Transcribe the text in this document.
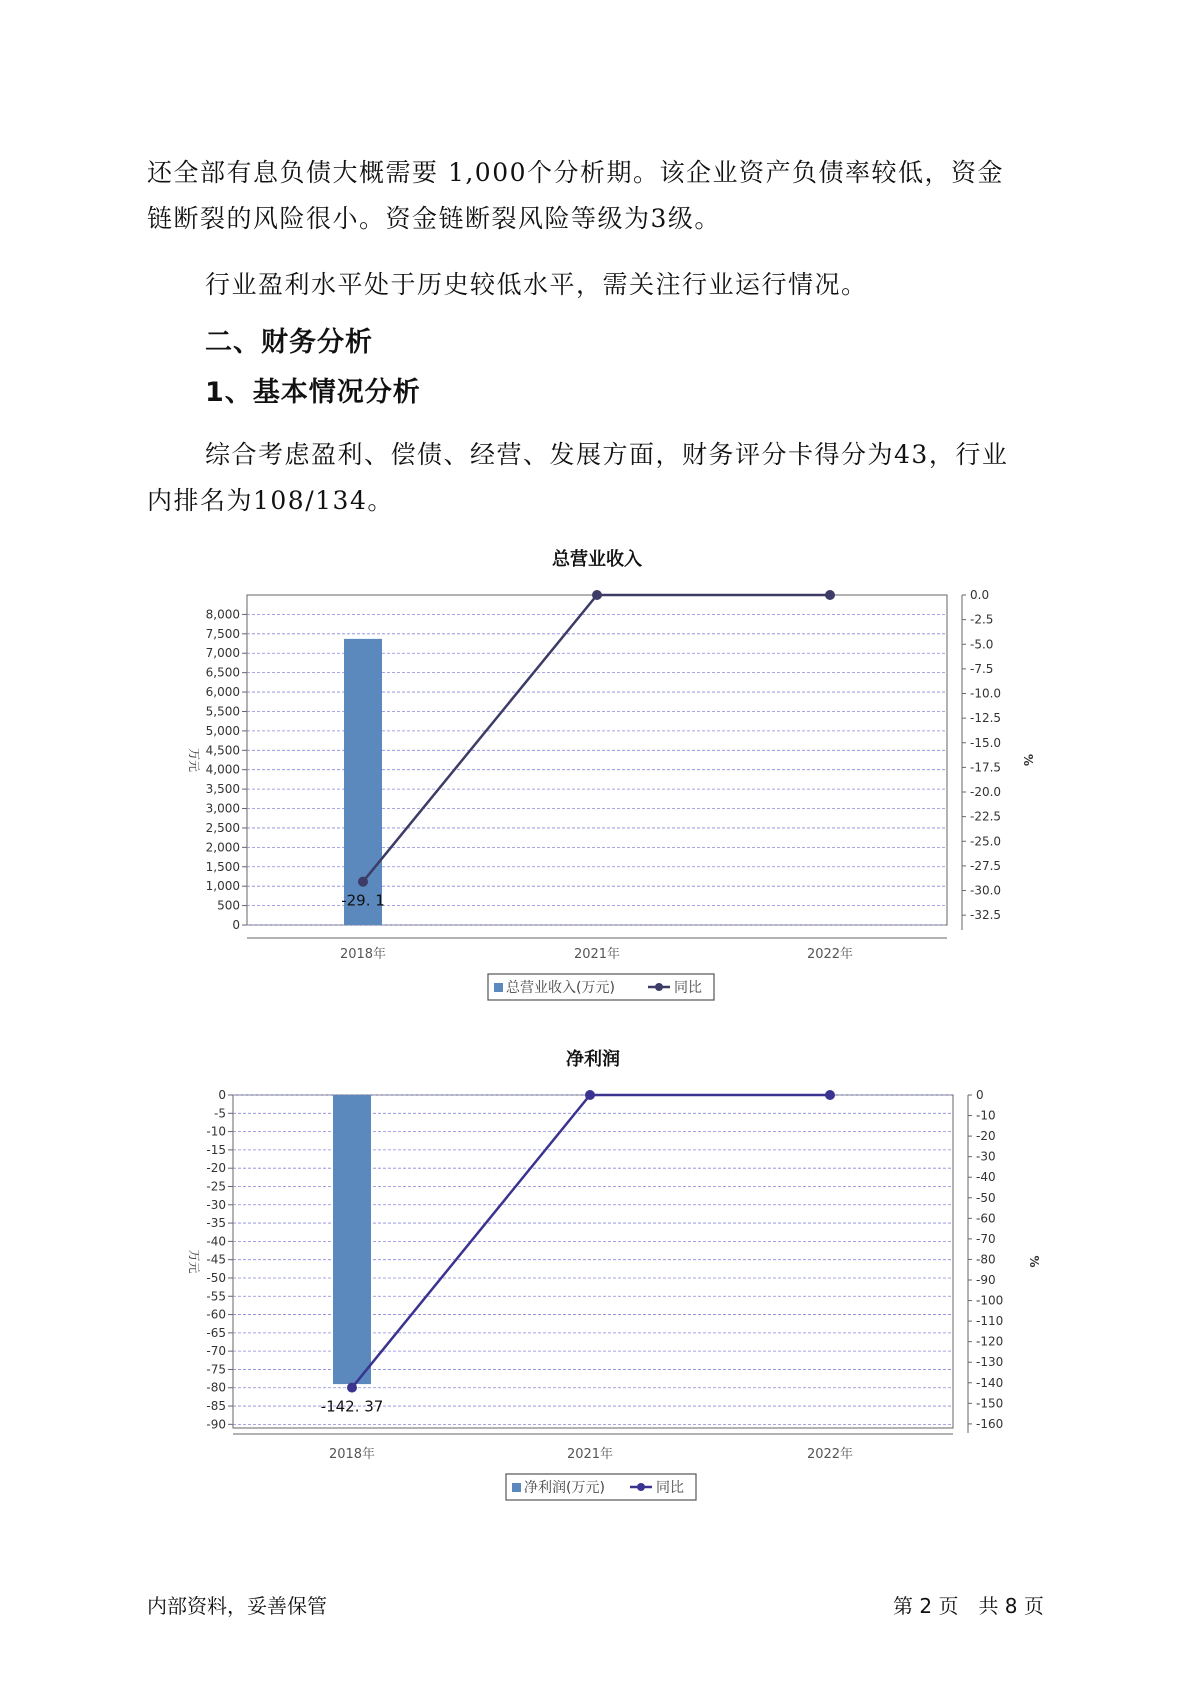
还全部有息负债大概需要 1,000个分析期。该企业资产负债率较低，资金

链断裂的风险很小。资金链断裂风险等级为3级。

行业盈利水平处于历史较低水平，需关注行业运行情况。

二、财务分析
1、基本情况分析

综合考虑盈利、偿债、经营、发展方面，财务评分卡得分为43，行业

内排名为108/134。

总营业收入
0
500
1,000
1,500
2,000
2,500
3,000
3,500
4,000
4,500
5,000
5,500
6,000
6,500
7,000
7,500
8,000
0.0
-2.5
-5.0
-7.5
-10.0
-12.5
-15.0
-17.5
-20.0
-22.5
-25.0
-27.5
-30.0
-32.5
万元	%
2018年	2021年	2022年
-29. 1
总营业收入(万元)	同比
净利润
0
-5
-10
-15
-20
-25
-30
-35
-40
-45
-50
-55
-60
-65
-70
-75
-80
-85
-90
0
-10
-20
-30
-40
-50
-60
-70
-80
-90
-100
-110
-120
-130
-140
-150
-160
万元	%
2018年	2021年	2022年
-142. 37
净利润(万元)	同比
内部资料，妥善保管	第 2 页　共 8 页
